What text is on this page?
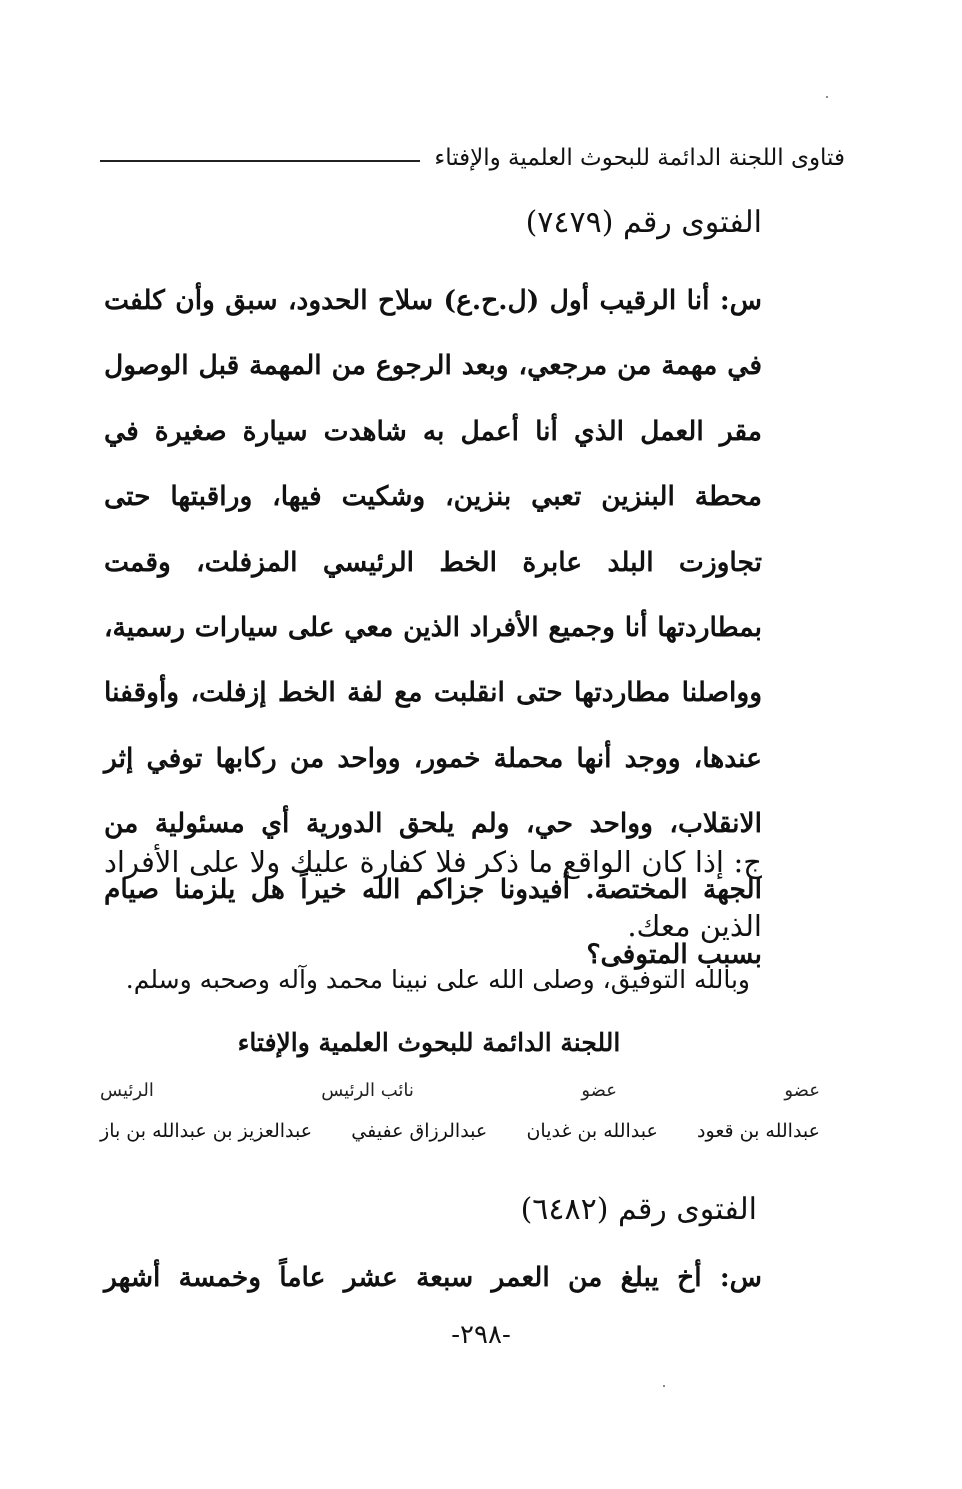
فتاوى اللجنة الدائمة للبحوث العلمية والإفتاء
الفتوى رقم (٧٤٧٩)
س: أنا الرقيب أول (ل.ح.ع) سلاح الحدود، سبق وأن كلفت في مهمة من مرجعي، وبعد الرجوع من المهمة قبل الوصول مقر العمل الذي أنا أعمل به شاهدت سيارة صغيرة في محطة البنزين تعبي بنزين، وشكيت فيها، وراقبتها حتى تجاوزت البلد عابرة الخط الرئيسي المزفلت، وقمت بمطاردتها أنا وجميع الأفراد الذين معي على سيارات رسمية، وواصلنا مطاردتها حتى انقلبت مع لفة الخط إزفلت، وأوقفنا عندها، ووجد أنها محملة خمور، وواحد من ركابها توفي إثر الانقلاب، وواحد حي، ولم يلحق الدورية أي مسئولية من الجهة المختصة. أفيدونا جزاكم الله خيراً هل يلزمنا صيام بسبب المتوفى؟
ج: إذا كان الواقع ما ذكر فلا كفارة عليك ولا على الأفراد الذين معك.
وبالله التوفيق، وصلى الله على نبينا محمد وآله وصحبه وسلم.
اللجنة الدائمة للبحوث العلمية والإفتاء
عضو
عضو
نائب الرئيس
الرئيس
عبدالله بن قعود
عبدالله بن غديان
عبدالرزاق عفيفي
عبدالعزيز بن عبدالله بن باز
الفتوى رقم (٦٤٨٢)
س: أخ يبلغ من العمر سبعة عشر عاماً وخمسة أشهر
-٢٩٨-
